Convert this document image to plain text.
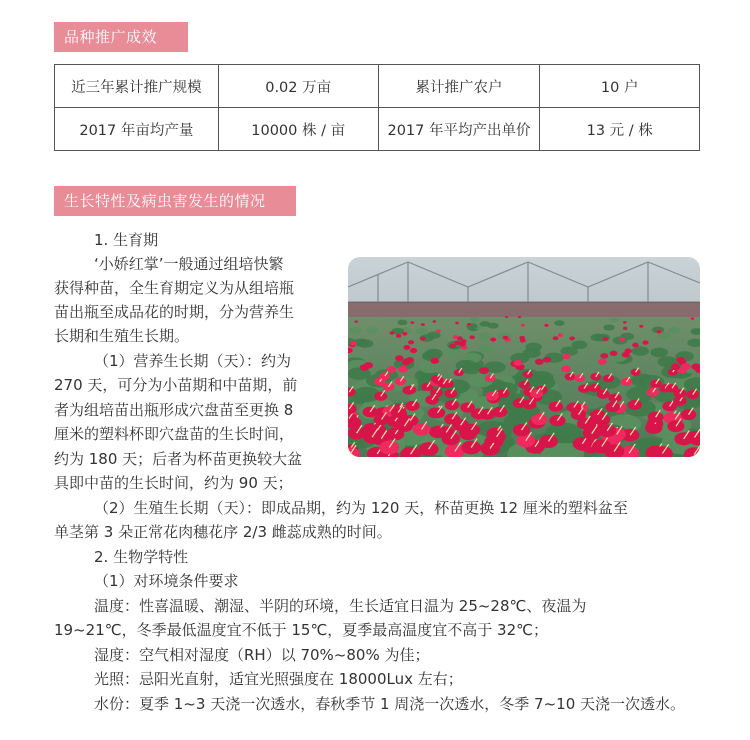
品种推广成效
近三年累计推广规模	0.02 万亩	累计推广农户	10 户
2017 年亩均产量	10000 株 / 亩	2017 年平均产出单价	13 元 / 株
生长特性及病虫害发生的情况
1. 生育期
‘小娇红掌’一般通过组培快繁
获得种苗，全生育期定义为从组培瓶
苗出瓶至成品花的时期，分为营养生
长期和生殖生长期。
（1）营养生长期（天）：约为
270 天，可分为小苗期和中苗期，前
者为组培苗出瓶形成穴盘苗至更换 8
厘米的塑料杯即穴盘苗的生长时间，
约为 180 天；后者为杯苗更换较大盆
具即中苗的生长时间，约为 90 天；
（2）生殖生长期（天）：即成品期，约为 120 天，杯苗更换 12 厘米的塑料盆至
单茎第 3 朵正常花肉穗花序 2/3 雌蕊成熟的时间。
2. 生物学特性
（1）对环境条件要求
温度：性喜温暖、潮湿、半阴的环境，生长适宜日温为 25~28℃、夜温为
19~21℃，冬季最低温度宜不低于 15℃，夏季最高温度宜不高于 32℃；
湿度：空气相对湿度（RH）以 70%~80% 为佳；
光照：忌阳光直射，适宜光照强度在 18000Lux 左右；
水份：夏季 1~3 天浇一次透水，春秋季节 1 周浇一次透水，冬季 7~10 天浇一次透水。
